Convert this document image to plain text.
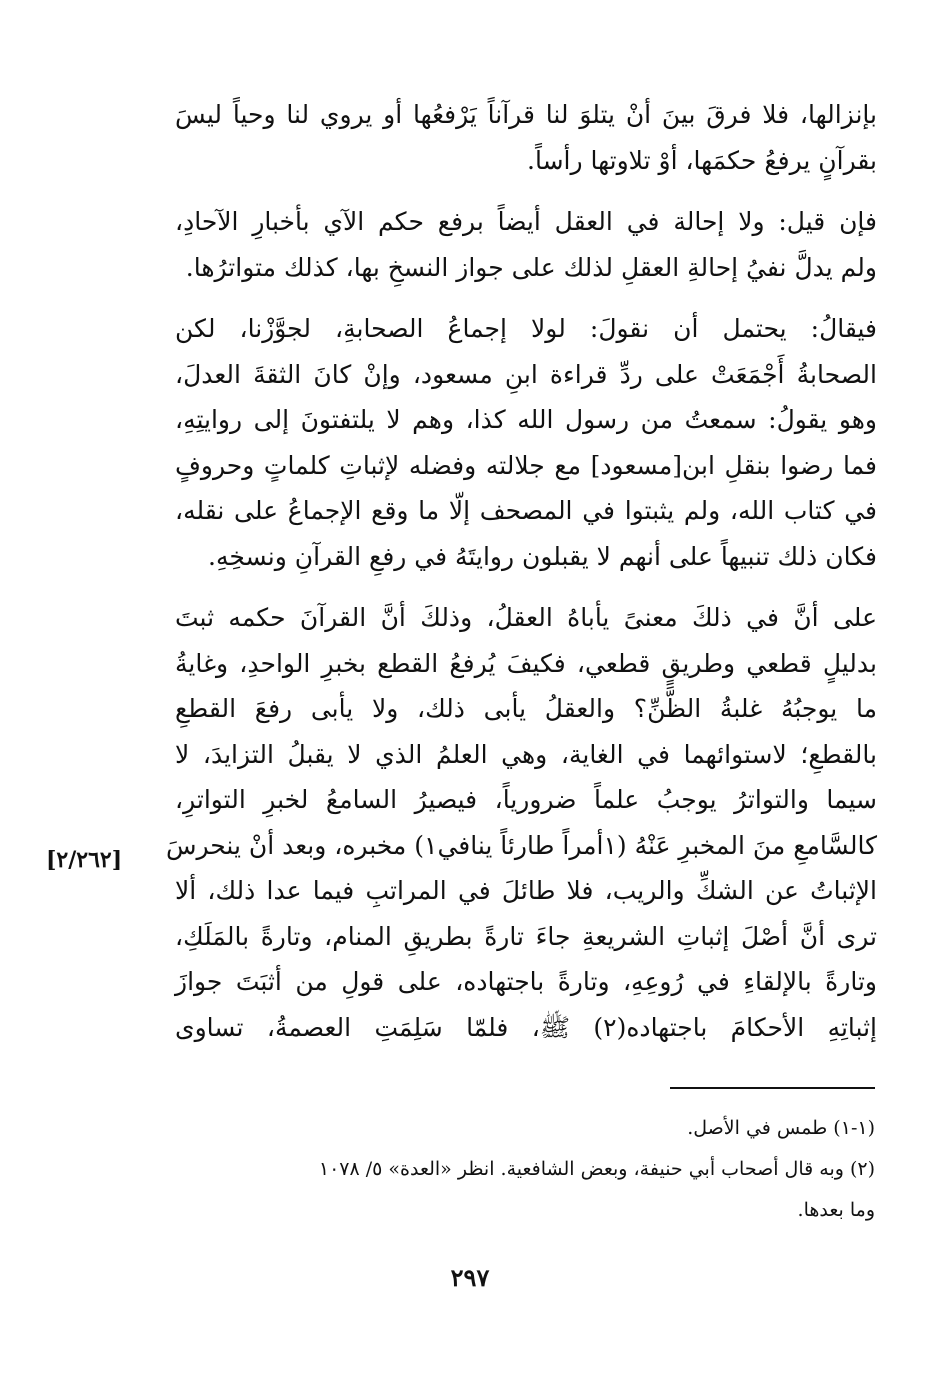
بإنزالها، فلا فرقَ بينَ أنْ يتلوَ لنا قرآناً يَرْفعُها أو يروي لنا وحياً ليسَ
بقرآنٍ يرفعُ حكمَها، أوْ تلاوتها رأساً.
فإن قيل: ولا إحالة في العقل أيضاً برفع حكم الآي بأخبارِ الآحادِ،
ولم يدلَّ نفيُ إحالةِ العقلِ لذلك على جواز النسخِ بها، كذلك متواترُها.
فيقالُ: يحتمل أن نقولَ: لولا إجماعُ الصحابةِ، لجوَّزْنا، لكن
الصحابةُ أَجْمَعَتْ على ردِّ قراءة ابنِ مسعود، وإنْ كانَ الثقةَ العدلَ،
وهو يقولُ: سمعتُ من رسول الله كذا، وهم لا يلتفتونَ إلى روايتِهِ،
فما رضوا بنقلِ ابن[مسعود] مع جلالته وفضله لإثباتِ كلماتٍ وحروفٍ
في كتاب الله، ولم يثبتوا في المصحف إلّا ما وقع الإجماعُ على نقله،
فكان ذلك تنبيهاً على أنهم لا يقبلون روايتَهُ في رفعِ القرآنِ ونسخِهِ.
على أنَّ في ذلكَ معنىً يأباهُ العقلُ، وذلكَ أنَّ القرآنَ حكمه ثبتَ
بدليلٍ قطعي وطريقٍ قطعي، فكيفَ يُرفعُ القطع بخبرِ الواحدِ، وغايةُ
ما يوجبُهُ غلبةُ الظَّنِّ؟ والعقلُ يأبى ذلك، ولا يأبى رفعَ القطعِ
بالقطعِ؛ لاستوائهما في الغاية، وهي العلمُ الذي لا يقبلُ التزايدَ، لا
سيما والتواترُ يوجبُ علماً ضرورياً، فيصيرُ السامعُ لخبرِ التواترِ،
كالسَّامعِ منَ المخبرِ عَنْهُ (١أمراً طارئاً ينافي١) مخبره، وبعد أنْ ينحرسَ
الإثباتُ عن الشكِّ والريب، فلا طائلَ في المراتبِ فيما عدا ذلك، ألا
ترى أنَّ أصْلَ إثباتِ الشريعةِ جاءَ تارةً بطريقِ المنام، وتارةً بالمَلَكِ،
وتارةً بالإلقاءِ في رُوعِهِ، وتارةً باجتهاده، على قولِ من أثبَتَ جوازَ
إثباتِهِ الأحكامَ باجتهاده(٢) ﷺ، فلمّا سَلِمَتِ العصمةُ، تساوى
[٢/٢٦٢]
(١-١) طمس في الأصل.
(٢) وبه قال أصحاب أبي حنيفة، وبعض الشافعية. انظر «العدة» ٥/ ١٠٧٨
وما بعدها.
٢٩٧
